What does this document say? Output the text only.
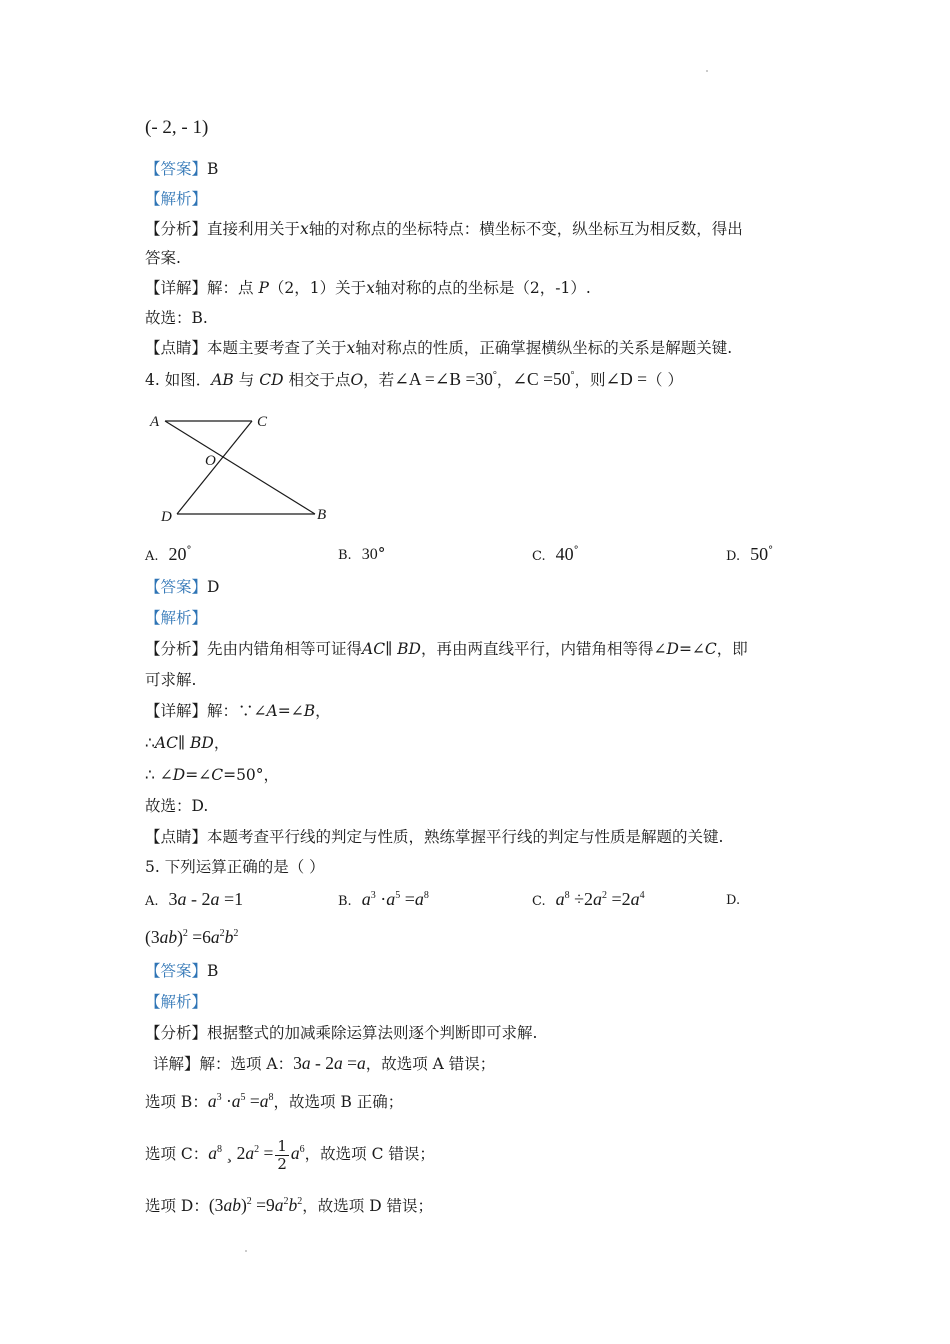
(- 2, - 1)
【答案】B
【解析】
【分析】直接利用关于x轴的对称点的坐标特点：横坐标不变，纵坐标互为相反数，得出
答案.
【详解】解：点 P（2，1）关于x轴对称的点的坐标是（2，-1）.
故选：B.
【点睛】本题主要考查了关于x轴对称点的性质，正确掌握横纵坐标的关系是解题关键.
4. 如图．AB 与 CD 相交于点O，若∠A =∠B =30°，∠C =50°，则∠D =（ ）
A	C
O
D	B
A. 20°	B. 30°	C. 40°	D. 50°
【答案】D
【解析】
【分析】先由内错角相等可证得AC∥ BD，再由两直线平行，内错角相等得∠D=∠C，即
可求解.
【详解】解：∵∠A=∠B，
∴AC∥ BD，
∴ ∠D=∠C=50°，
故选：D.
【点睛】本题考查平行线的判定与性质，熟练掌握平行线的判定与性质是解题的关键.
5. 下列运算正确的是（ ）
A. 3a - 2a =1	B. $a^3 \cdot a^5 =a^8$	C. $a^8 \div 2a^2 =2a^4$	D.
$(3ab)^2 =6a^2b^2$
【答案】B
【解析】
【分析】根据整式的加减乘除运算法则逐个判断即可求解.
详解】解：选项 A：3a - 2a =a，故选项 A 错误；
选项 B：$a^3 \cdot a^5 =a^8$，故选项 B 正确；
选项 C：$a^8$ ¸ $2a^2 = \frac{1}{2} a^6$，故选项 C 错误；
选项 D：$(3ab)^2 =9a^2b^2$，故选项 D 错误；
